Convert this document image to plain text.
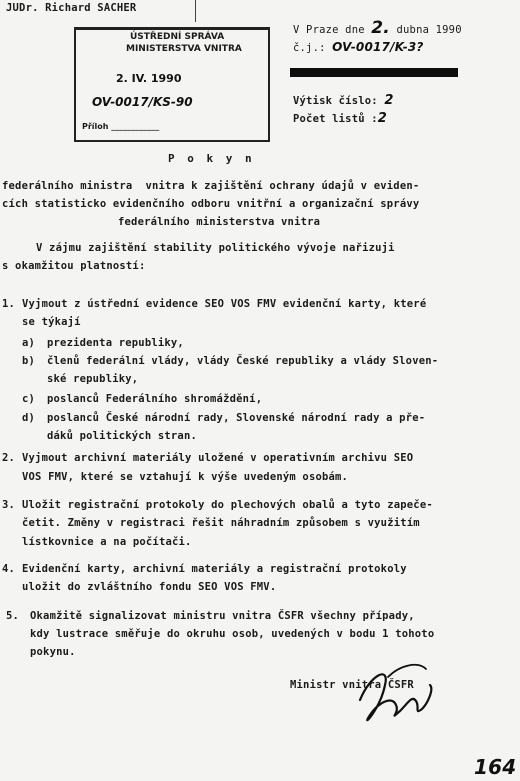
JUDr. Richard SACHER
V Praze dne 2. dubna 1990
č.j.: OV-0017/K-3?
Výtisk číslo: 2
Počet listů :2
ÚSTŘEDNÍ SPRÁVA
MINISTERSTVA VNITRA
2. IV. 1990
OV-0017/KS-90
Příloh ____________
P o k y n
federálního ministra  vnitra k zajištění ochrany údajů v eviden-
cích statisticko evidenčního odboru vnitřní a organizační správy
federálního ministerstva vnitra
V zájmu zajištění stability politického vývoje nařizuji
s okamžitou platností:
1. Vyjmout z ústřední evidence SEO VOS FMV evidenční karty, které
se týkají
a) prezidenta republiky,
b) členů federální vlády, vlády České republiky a vlády Sloven-
ské republiky,
c) poslanců Federálního shromáždění,
d) poslanců České národní rady, Slovenské národní rady a pře-
dáků politických stran.
2. Vyjmout archivní materiály uložené v operativním archivu SEO
VOS FMV, které se vztahují k výše uvedeným osobám.
3. Uložit registrační protokoly do plechových obalů a tyto zapeče-
četit. Změny v registraci řešit náhradním způsobem s využitím
lístkovnice a na počítači.
4. Evidenční karty, archivní materiály a registrační protokoly
uložit do zvláštního fondu SEO VOS FMV.
5. Okamžitě signalizovat ministru vnitra ČSFR všechny případy,
kdy lustrace směřuje do okruhu osob, uvedených v bodu 1 tohoto
pokynu.
Ministr vnitra ČSFR
164
